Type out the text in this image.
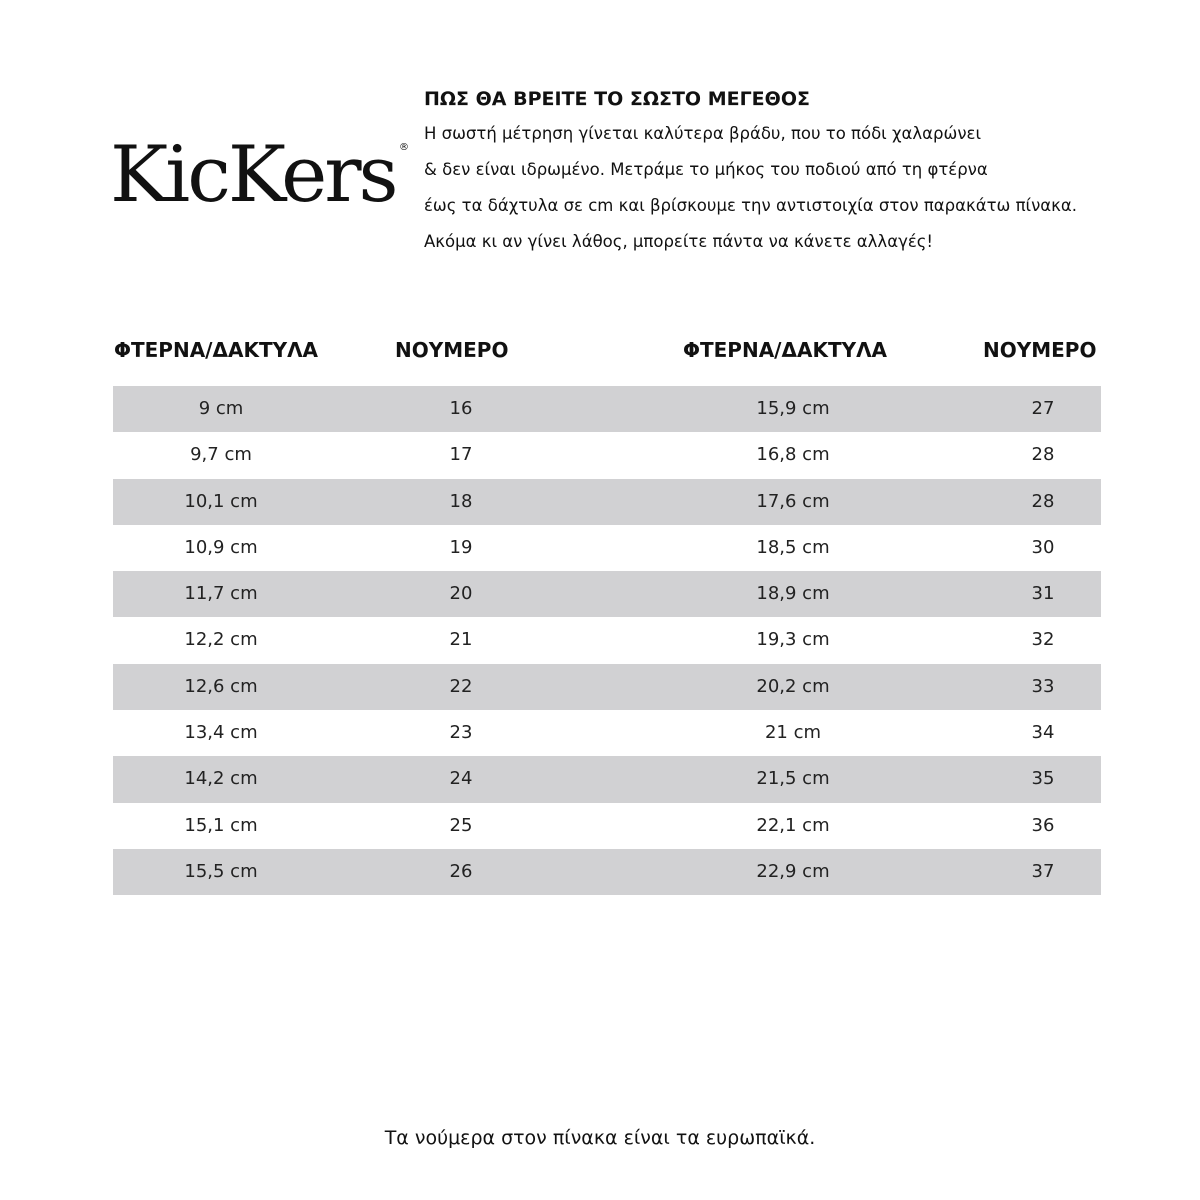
KicKers ®
ΠΩΣ ΘΑ ΒΡΕΙΤΕ ΤΟ ΣΩΣΤΟ ΜΕΓΕΘΟΣ
Η σωστή μέτρηση γίνεται καλύτερα βράδυ, που το πόδι χαλαρώνει
& δεν είναι ιδρωμένο. Μετράμε το μήκος του ποδιού από τη φτέρνα
έως τα δάχτυλα σε cm και βρίσκουμε την αντιστοιχία στον παρακάτω πίνακα.
Ακόμα κι αν γίνει λάθος, μπορείτε πάντα να κάνετε αλλαγές!
ΦΤΕΡΝΑ/ΔΑΚΤΥΛΑ	ΝΟΥΜΕΡΟ	ΦΤΕΡΝΑ/ΔΑΚΤΥΛΑ	ΝΟΥΜΕΡΟ
9 cm	16	15,9 cm	27
9,7 cm	17	16,8 cm	28
10,1 cm	18	17,6 cm	28
10,9 cm	19	18,5 cm	30
11,7 cm	20	18,9 cm	31
12,2 cm	21	19,3 cm	32
12,6 cm	22	20,2 cm	33
13,4 cm	23	21 cm	34
14,2 cm	24	21,5 cm	35
15,1 cm	25	22,1 cm	36
15,5 cm	26	22,9 cm	37
Τα νούμερα στον πίνακα είναι τα ευρωπαϊκά.
